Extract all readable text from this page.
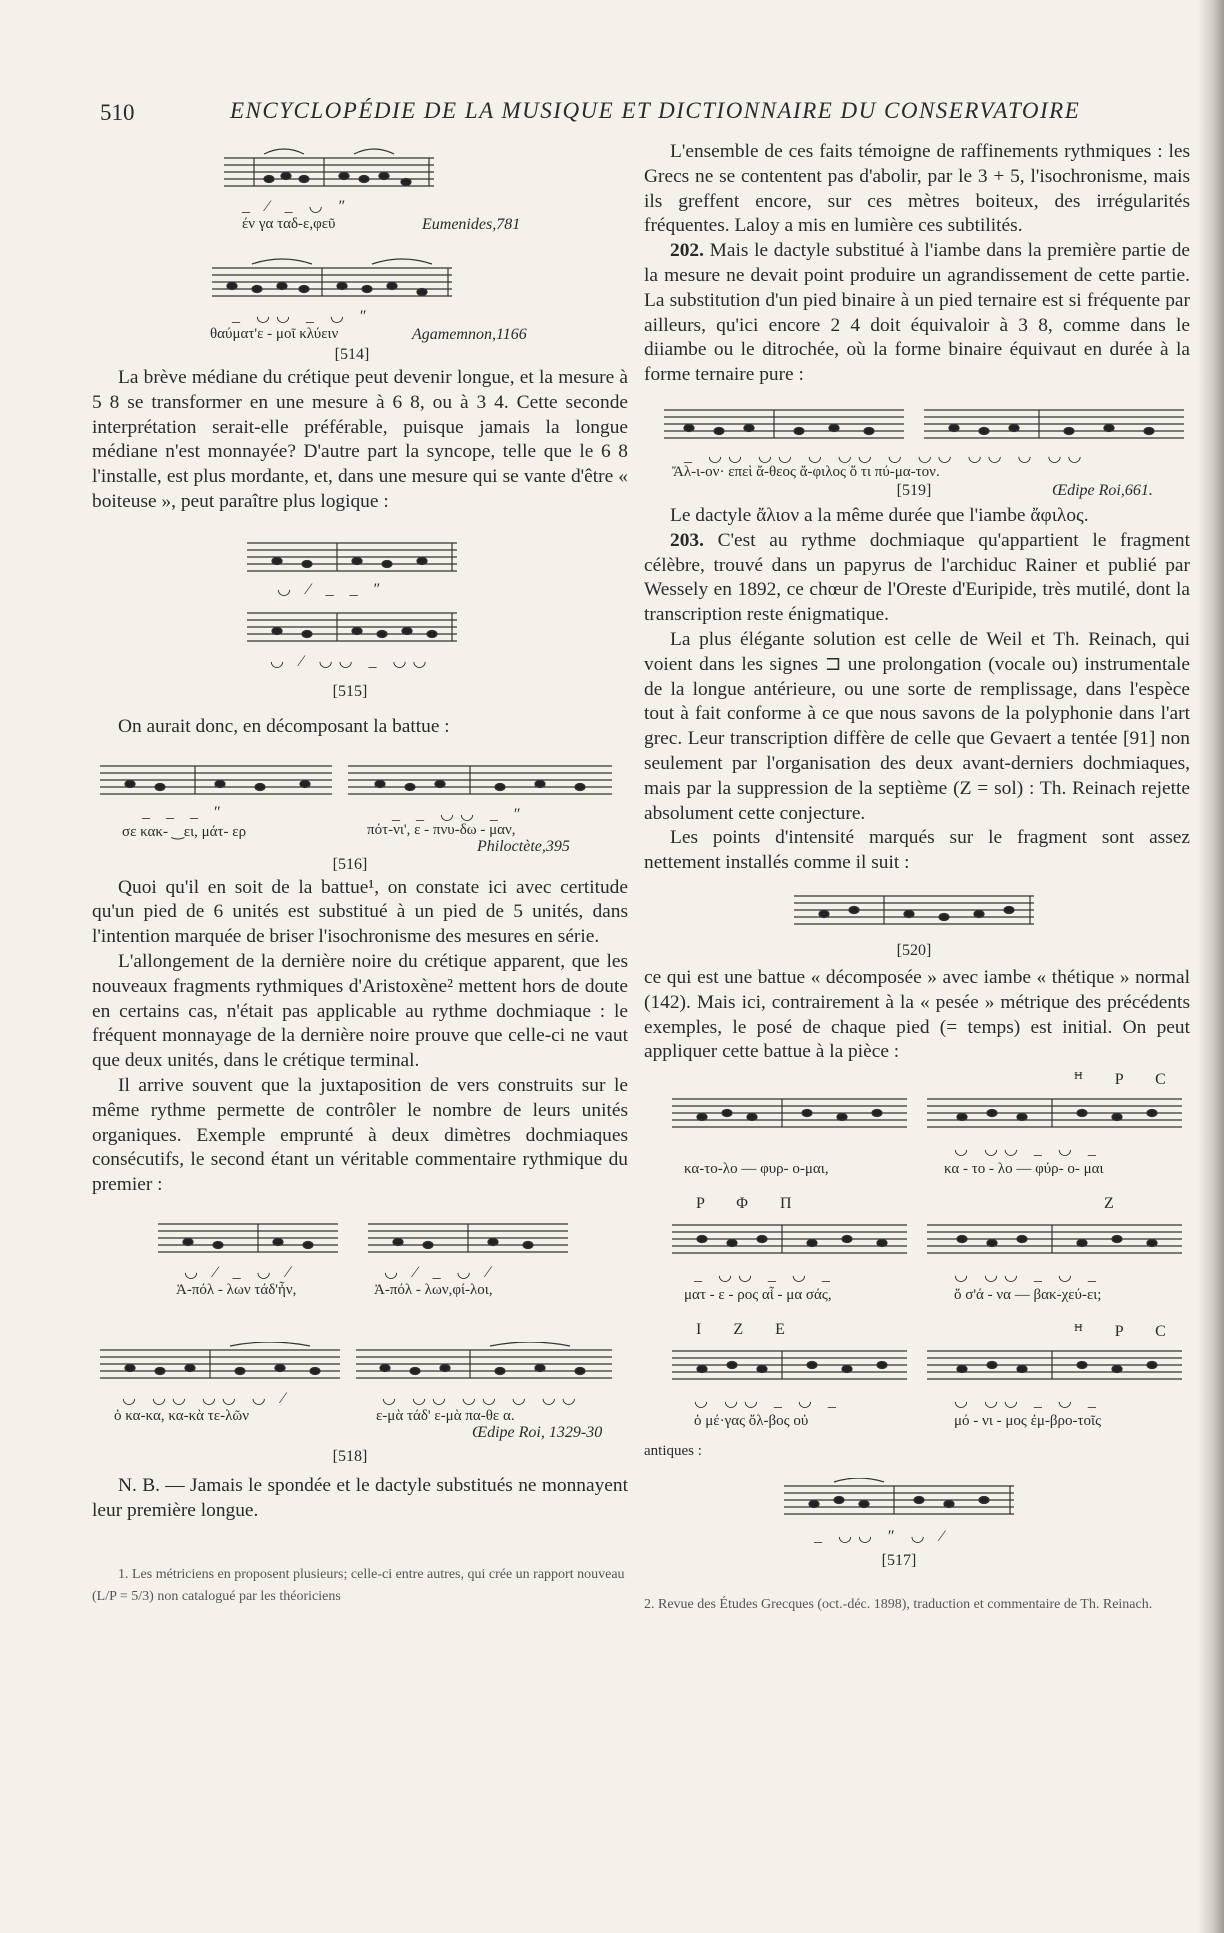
510	ENCYCLOPÉDIE DE LA MUSIQUE ET DICTIONNAIRE DU CONSERVATOIRE
_ ⁄ _ ◡ ″
έν γα ταδ-ε,φεῦ	Eumenides,781
_ ◡◡ _ ◡ ″
θαύματ'ε - μοῖ κλύειν	Agamemnon,1166
[514]

La brève médiane du crétique peut devenir longue, et la mesure à 5 8 se transformer en une mesure à 6 8, ou à 3 4. Cette seconde interprétation serait-elle préférable, puisque jamais la longue médiane n'est monnayée? D'autre part la syncope, telle que le 6 8 l'installe, est plus mordante, et, dans une mesure qui se vante d'être « boiteuse », peut paraître plus logique :

◡ ⁄ _ _ ″
◡ ⁄ ◡◡ _ ◡◡
[515]

On aurait donc, en décomposant la battue :

_ _ _ ″	_ _ ◡◡ _ ″
σε κακ- ‿ει, μάτ- ερ	πότ-νι', ε - πνυ-δω - μαν,
Philoctète,395
[516]

Quoi qu'il en soit de la battue¹, on constate ici avec certitude qu'un pied de 6 unités est substitué à un pied de 5 unités, dans l'intention marquée de briser l'isochronisme des mesures en série.

L'allongement de la dernière noire du crétique apparent, que les nouveaux fragments rythmiques d'Aristoxène² mettent hors de doute en certains cas, n'était pas applicable au rythme dochmiaque : le fréquent monnayage de la dernière noire prouve que celle-ci ne vaut que deux unités, dans le crétique terminal.

Il arrive souvent que la juxtaposition de vers construits sur le même rythme permette de contrôler le nombre de leurs unités organiques. Exemple emprunté à deux dimètres dochmiaques consécutifs, le second étant un véritable commentaire rythmique du premier :

◡ ⁄ _ ◡ ⁄	◡ ⁄ _ ◡ ⁄
Ἀ-πόλ - λων τάδ'ἦν,	Ἀ-πόλ - λων,φί-λοι,
◡ ◡◡ ◡◡ ◡ ⁄	◡ ◡◡ ◡◡ ◡ ◡◡
ὁ κα-κα, κα-κὰ τε-λῶν	ε-μὰ τάδ' ε-μὰ πα-θε α.
Œdipe Roi, 1329-30
[518]

N. B. — Jamais le spondée et le dactyle substitués ne monnayent leur première longue.

1. Les métriciens en proposent plusieurs; celle-ci entre autres, qui crée un rapport nouveau (L/P = 5/3) non catalogué par les théoriciens

L'ensemble de ces faits témoigne de raffinements rythmiques : les Grecs ne se contentent pas d'abolir, par le 3 + 5, l'isochronisme, mais ils greffent encore, sur ces mètres boiteux, des irrégularités fréquentes. Laloy a mis en lumière ces subtilités.

202. Mais le dactyle substitué à l'iambe dans la première partie de la mesure ne devait point produire un agrandissement de cette partie. La substitution d'un pied binaire à un pied ternaire est si fréquente par ailleurs, qu'ici encore 2 4 doit équivaloir à 3 8, comme dans le diiambe ou le ditrochée, où la forme binaire équivaut en durée à la forme ternaire pure :

_ ◡◡ ◡◡ ◡ ◡◡ ◡ ◡◡ ◡◡ ◡ ◡◡
Ἄλ-ι-ον· επεὶ ἄ-θεος ἄ-φιλος ὅ τι πύ-μα-τον.
[519]	Œdipe Roi,661.

Le dactyle ἄλιον a la même durée que l'iambe ἄφιλος.

203. C'est au rythme dochmiaque qu'appartient le fragment célèbre, trouvé dans un papyrus de l'archiduc Rainer et publié par Wessely en 1892, ce chœur de l'Oreste d'Euripide, très mutilé, dont la transcription reste énigmatique.

La plus élégante solution est celle de Weil et Th. Reinach, qui voient dans les signes ⊐ une prolongation (vocale ou) instrumentale de la longue antérieure, ou une sorte de remplissage, dans l'espèce tout à fait conforme à ce que nous savons de la polyphonie dans l'art grec. Leur transcription diffère de celle que Gevaert a tentée [91] non seulement par l'organisation des deux avant-derniers dochmiaques, mais par la suppression de la septième (Z = sol) : Th. Reinach rejette absolument cette conjecture.

Les points d'intensité marqués sur le fragment sont assez nettement installés comme il suit :

[520]

ce qui est une battue « décomposée » avec iambe « thétique » normal (142). Mais ici, contrairement à la « pesée » métrique des précédents exemples, le posé de chaque pied (= temps) est initial. On peut appliquer cette battue à la pièce :

ꟸ P C
◡ ◡◡ _ ◡ _
κα-το-λο — φυρ- ο-μαι,	κα - το - λο — φύρ- ο- μαι
P Φ Π	Z
_ ◡◡ _ ◡ _	◡ ◡◡ _ ◡ _
ματ - ε - ρος αἷ - μα σάς,	ὅ σ'ά - να — βακ-χεύ-ει;
I Z E	ꟸ P C
◡ ◡◡ _ ◡ _	◡ ◡◡ _ ◡ _
ὁ μέ·γας ὄλ-βος οὐ	μό - νι - μος ἐμ-βρο-τοῖς
antiques :
_ ◡◡ ″ ◡ ⁄
[517]

2. Revue des Études Grecques (oct.-déc. 1898), traduction et commentaire de Th. Reinach.
